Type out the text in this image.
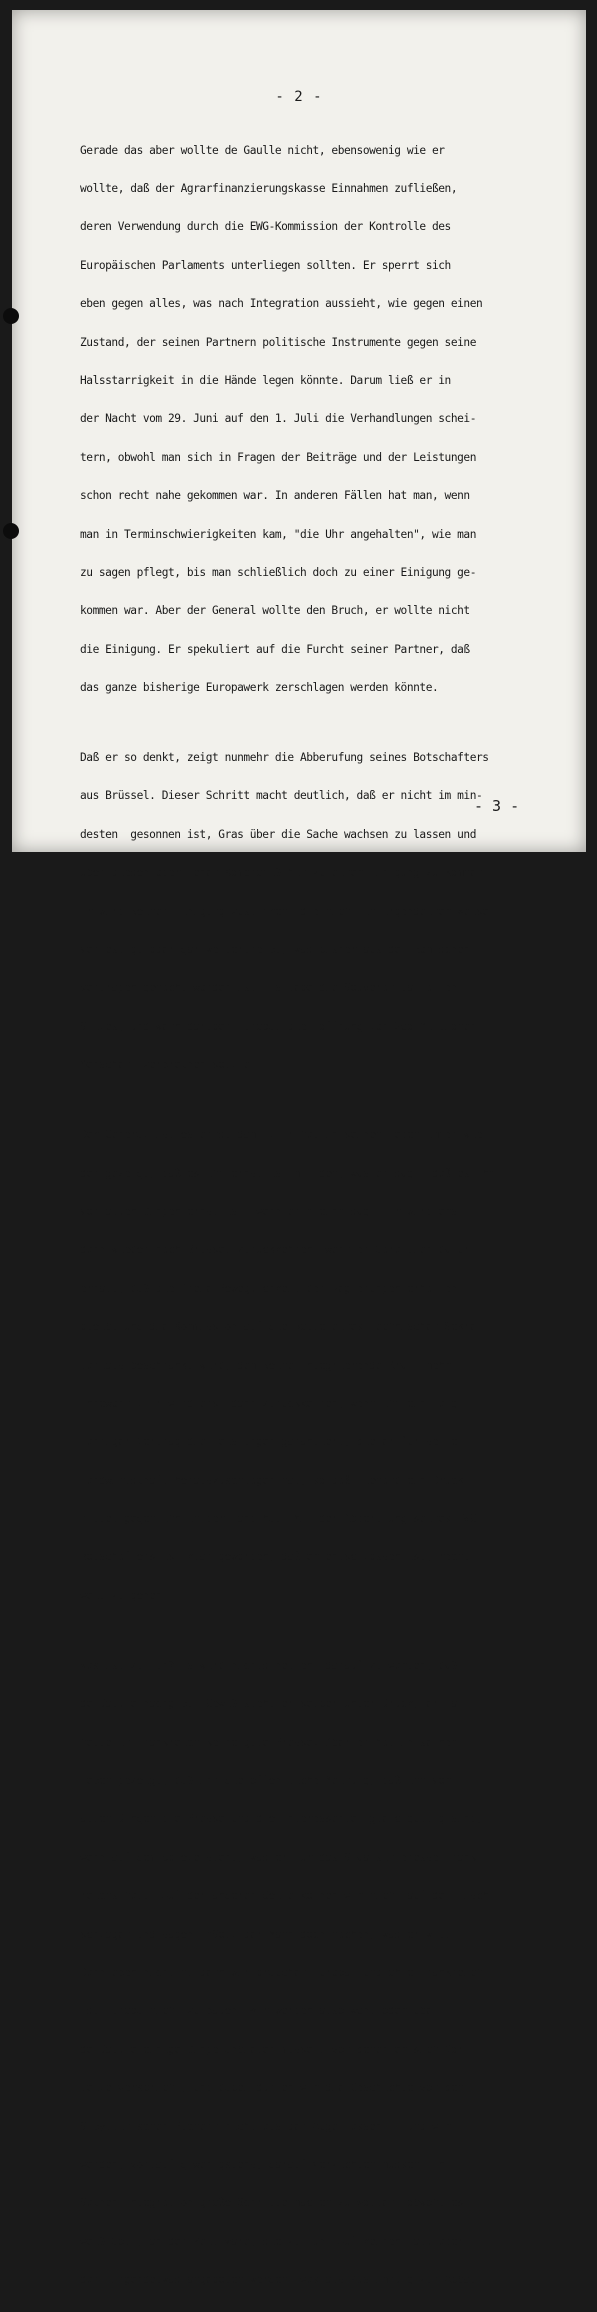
- 2 -

Gerade das aber wollte de Gaulle nicht, ebensowenig wie er

wollte, daß der Agrarfinanzierungskasse Einnahmen zufließen,

deren Verwendung durch die EWG-Kommission der Kontrolle des

Europäischen Parlaments unterliegen sollten. Er sperrt sich

eben gegen alles, was nach Integration aussieht, wie gegen einen

Zustand, der seinen Partnern politische Instrumente gegen seine

Halsstarrigkeit in die Hände legen könnte. Darum ließ er in

der Nacht vom 29. Juni auf den 1. Juli die Verhandlungen schei-

tern, obwohl man sich in Fragen der Beiträge und der Leistungen

schon recht nahe gekommen war. In anderen Fällen hat man, wenn

man in Terminschwierigkeiten kam, "die Uhr angehalten", wie man

zu sagen pflegt, bis man schließlich doch zu einer Einigung ge-

kommen war. Aber der General wollte den Bruch, er wollte nicht

die Einigung. Er spekuliert auf die Furcht seiner Partner, daß

das ganze bisherige Europawerk zerschlagen werden könnte.

Daß er so denkt, zeigt nunmehr die Abberufung seines Botschafters

aus Brüssel. Dieser Schritt macht deutlich, daß er nicht im min-

desten  gesonnen ist, Gras über die Sache wachsen zu lassen und

über diesen oder jenen Kompromiß hin zu einer Einigung zu kommen.

Er wird keiner Einigung zustimmen, die nicht in irgendeiner Weise

verfestigt oder gar weitertreibt, was bisher aus den Römischen

Verträgen gemacht worden ist. Es lebe die Souveränität alten

Stiles, und wenn darüber Europa, die Hoffnung von 2oo Millionen

Menschen, zerbrechen sollte...

Dem General ist es ernst damit. Er hat in seinem Leben immer wie-

der gezeigt, daß es ihm ernst ist mit dem, was er sagt, daß es ihm

vor allen Dingen ernst ist, wenn er "nein" sagt. Er wird erst

dann wieder nach Brüssel zurückkehren, wenn er Garantien dafür

erhält, daß die freie Beweglichkeit der Regierungen erhalten

bleibt und die Kommission auf die Rolle eines technischen Sekre-

tariats beschränkt wird, dem keine integrierende Kraft mehr

innewohnt. Er wird erst dann zurückkehren, wenn ihm ein lang-

jähriger Vertrag die Leistungen garantiert, die er für seine

Landwirtschaft herauszuschlagen hat, so daß niemand ein Druck-

mittel gegen ihn in der Hand hat. Mit der Abberufung seines EWG-

Botschafters ist klar geworden, daß er entschlossen ist, recht

weit zu gehen.

Was ist zu tun? Es wird nichts helfen, darauf zu warten, daß

de Gaulle nachgibt. Gewiß steht er selber unter Druck; er hat

heute in Frankreich keine gute Presse. Aber er hat in seinem

Leben gezeigt, daß ihm die öffentliche Meinung, daß ihm vor

allen Dingen die Presse und die Interessenten gleichgültig sind,

wenn auf dem Spiele steht, was er für das Staatsinteresse Frank-

reichs hält. Auf der anderen Seite können wir nicht auf den Tisch

schlagen und sagen: "Soll der Mann doch machen, was er will!

Dann eben nicht!", denn wir brauchen Europa, und ohne Frankreich

ist Europa nicht zu bauen. Wir werden also wohl oder übel

de Gaulle einige Dinge anbieten müssen, von denen er sich Vor-

teile verspricht, und dabei dürfen wir die Geschichte von den

Sibyllinischen Büchern nicht aus dem Auge lassen... Und wir

werden, vorläufig wenigstens, darauf verzichten müssen, in

Sachen Integration große Schritte machen zu wollen, obwohl es,

weiß Gott, an der Zeit wäre, sie zu tun. Auf keinen Fall aber

darf irgendetwas angeboten werden, was als Zustimmung zum Abbau

- 3 -
